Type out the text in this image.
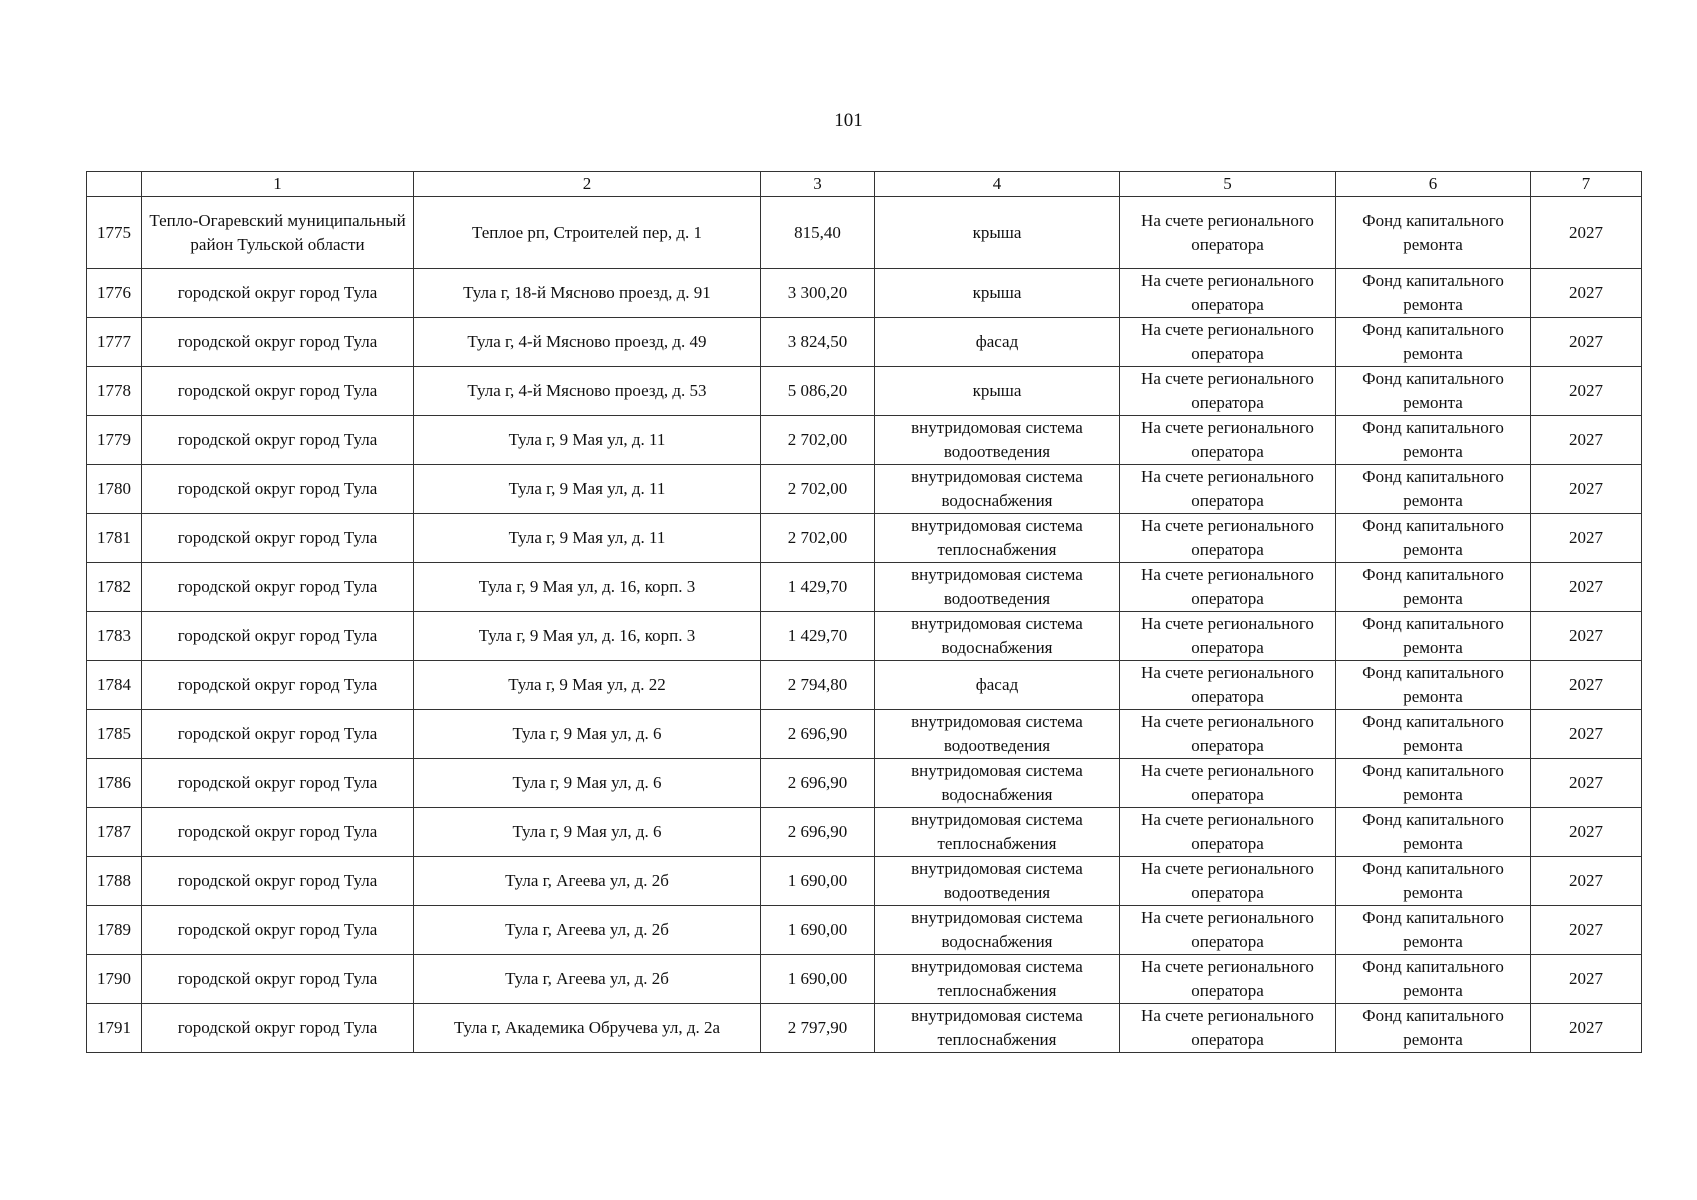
101
	1	2	3	4	5	6	7
1775	Тепло-Огаревский муниципальный район Тульской области	Теплое рп, Строителей пер, д. 1	815,40	крыша	На счете регионального оператора	Фонд капитального ремонта	2027
1776	городской округ город Тула	Тула г, 18-й Мясново проезд, д. 91	3 300,20	крыша	На счете регионального оператора	Фонд капитального ремонта	2027
1777	городской округ город Тула	Тула г, 4-й Мясново проезд, д. 49	3 824,50	фасад	На счете регионального оператора	Фонд капитального ремонта	2027
1778	городской округ город Тула	Тула г, 4-й Мясново проезд, д. 53	5 086,20	крыша	На счете регионального оператора	Фонд капитального ремонта	2027
1779	городской округ город Тула	Тула г, 9 Мая ул, д. 11	2 702,00	внутридомовая система водоотведения	На счете регионального оператора	Фонд капитального ремонта	2027
1780	городской округ город Тула	Тула г, 9 Мая ул, д. 11	2 702,00	внутридомовая система водоснабжения	На счете регионального оператора	Фонд капитального ремонта	2027
1781	городской округ город Тула	Тула г, 9 Мая ул, д. 11	2 702,00	внутридомовая система теплоснабжения	На счете регионального оператора	Фонд капитального ремонта	2027
1782	городской округ город Тула	Тула г, 9 Мая ул, д. 16, корп. 3	1 429,70	внутридомовая система водоотведения	На счете регионального оператора	Фонд капитального ремонта	2027
1783	городской округ город Тула	Тула г, 9 Мая ул, д. 16, корп. 3	1 429,70	внутридомовая система водоснабжения	На счете регионального оператора	Фонд капитального ремонта	2027
1784	городской округ город Тула	Тула г, 9 Мая ул, д. 22	2 794,80	фасад	На счете регионального оператора	Фонд капитального ремонта	2027
1785	городской округ город Тула	Тула г, 9 Мая ул, д. 6	2 696,90	внутридомовая система водоотведения	На счете регионального оператора	Фонд капитального ремонта	2027
1786	городской округ город Тула	Тула г, 9 Мая ул, д. 6	2 696,90	внутридомовая система водоснабжения	На счете регионального оператора	Фонд капитального ремонта	2027
1787	городской округ город Тула	Тула г, 9 Мая ул, д. 6	2 696,90	внутридомовая система теплоснабжения	На счете регионального оператора	Фонд капитального ремонта	2027
1788	городской округ город Тула	Тула г, Агеева ул, д. 2б	1 690,00	внутридомовая система водоотведения	На счете регионального оператора	Фонд капитального ремонта	2027
1789	городской округ город Тула	Тула г, Агеева ул, д. 2б	1 690,00	внутридомовая система водоснабжения	На счете регионального оператора	Фонд капитального ремонта	2027
1790	городской округ город Тула	Тула г, Агеева ул, д. 2б	1 690,00	внутридомовая система теплоснабжения	На счете регионального оператора	Фонд капитального ремонта	2027
1791	городской округ город Тула	Тула г, Академика Обручева ул, д. 2а	2 797,90	внутридомовая система теплоснабжения	На счете регионального оператора	Фонд капитального ремонта	2027
